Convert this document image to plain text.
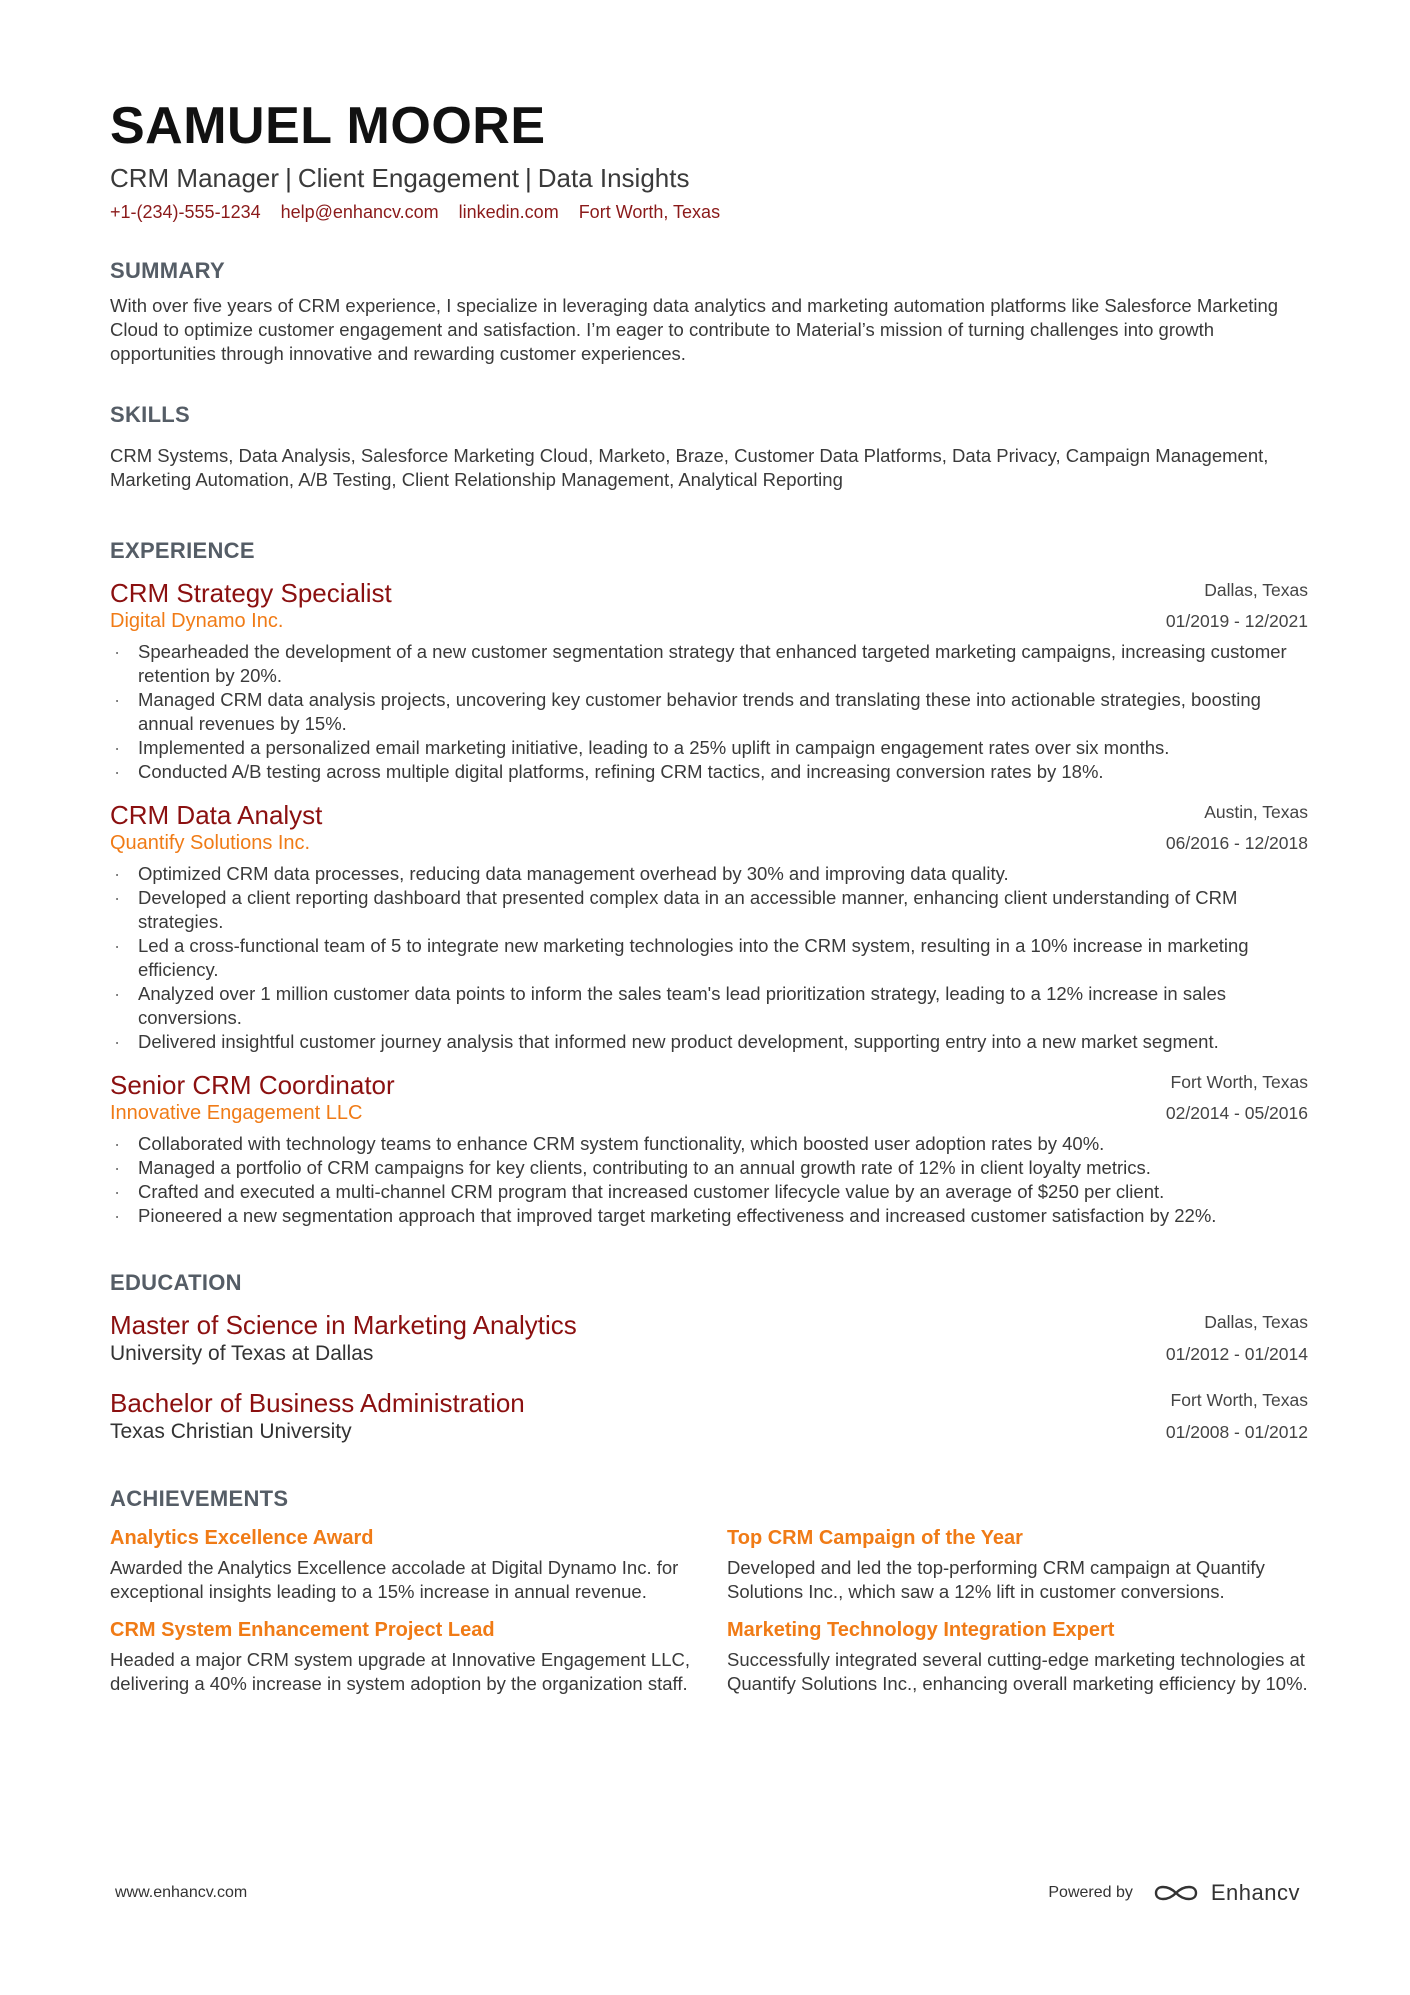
SAMUEL MOORE
CRM Manager | Client Engagement | Data Insights
+1-(234)-555-1234 help@enhancv.com linkedin.com Fort Worth, Texas
SUMMARY
With over five years of CRM experience, I specialize in leveraging data analytics and marketing automation platforms like Salesforce Marketing Cloud to optimize customer engagement and satisfaction. I’m eager to contribute to Material’s mission of turning challenges into growth opportunities through innovative and rewarding customer experiences.
SKILLS
CRM Systems, Data Analysis, Salesforce Marketing Cloud, Marketo, Braze, Customer Data Platforms, Data Privacy, Campaign Management, Marketing Automation, A/B Testing, Client Relationship Management, Analytical Reporting
EXPERIENCE
CRM Strategy Specialist	Dallas, Texas
Digital Dynamo Inc.	01/2019 - 12/2021
· Spearheaded the development of a new customer segmentation strategy that enhanced targeted marketing campaigns, increasing customer retention by 20%.
· Managed CRM data analysis projects, uncovering key customer behavior trends and translating these into actionable strategies, boosting annual revenues by 15%.
· Implemented a personalized email marketing initiative, leading to a 25% uplift in campaign engagement rates over six months.
· Conducted A/B testing across multiple digital platforms, refining CRM tactics, and increasing conversion rates by 18%.
CRM Data Analyst	Austin, Texas
Quantify Solutions Inc.	06/2016 - 12/2018
· Optimized CRM data processes, reducing data management overhead by 30% and improving data quality.
· Developed a client reporting dashboard that presented complex data in an accessible manner, enhancing client understanding of CRM strategies.
· Led a cross-functional team of 5 to integrate new marketing technologies into the CRM system, resulting in a 10% increase in marketing efficiency.
· Analyzed over 1 million customer data points to inform the sales team's lead prioritization strategy, leading to a 12% increase in sales conversions.
· Delivered insightful customer journey analysis that informed new product development, supporting entry into a new market segment.
Senior CRM Coordinator	Fort Worth, Texas
Innovative Engagement LLC	02/2014 - 05/2016
· Collaborated with technology teams to enhance CRM system functionality, which boosted user adoption rates by 40%.
· Managed a portfolio of CRM campaigns for key clients, contributing to an annual growth rate of 12% in client loyalty metrics.
· Crafted and executed a multi-channel CRM program that increased customer lifecycle value by an average of $250 per client.
· Pioneered a new segmentation approach that improved target marketing effectiveness and increased customer satisfaction by 22%.
EDUCATION
Master of Science in Marketing Analytics	Dallas, Texas
University of Texas at Dallas	01/2012 - 01/2014
Bachelor of Business Administration	Fort Worth, Texas
Texas Christian University	01/2008 - 01/2012
ACHIEVEMENTS
Analytics Excellence Award
Awarded the Analytics Excellence accolade at Digital Dynamo Inc. for exceptional insights leading to a 15% increase in annual revenue.
Top CRM Campaign of the Year
Developed and led the top-performing CRM campaign at Quantify Solutions Inc., which saw a 12% lift in customer conversions.
CRM System Enhancement Project Lead
Headed a major CRM system upgrade at Innovative Engagement LLC, delivering a 40% increase in system adoption by the organization staff.
Marketing Technology Integration Expert
Successfully integrated several cutting-edge marketing technologies at Quantify Solutions Inc., enhancing overall marketing efficiency by 10%.
www.enhancv.com	Powered by	Enhancv
